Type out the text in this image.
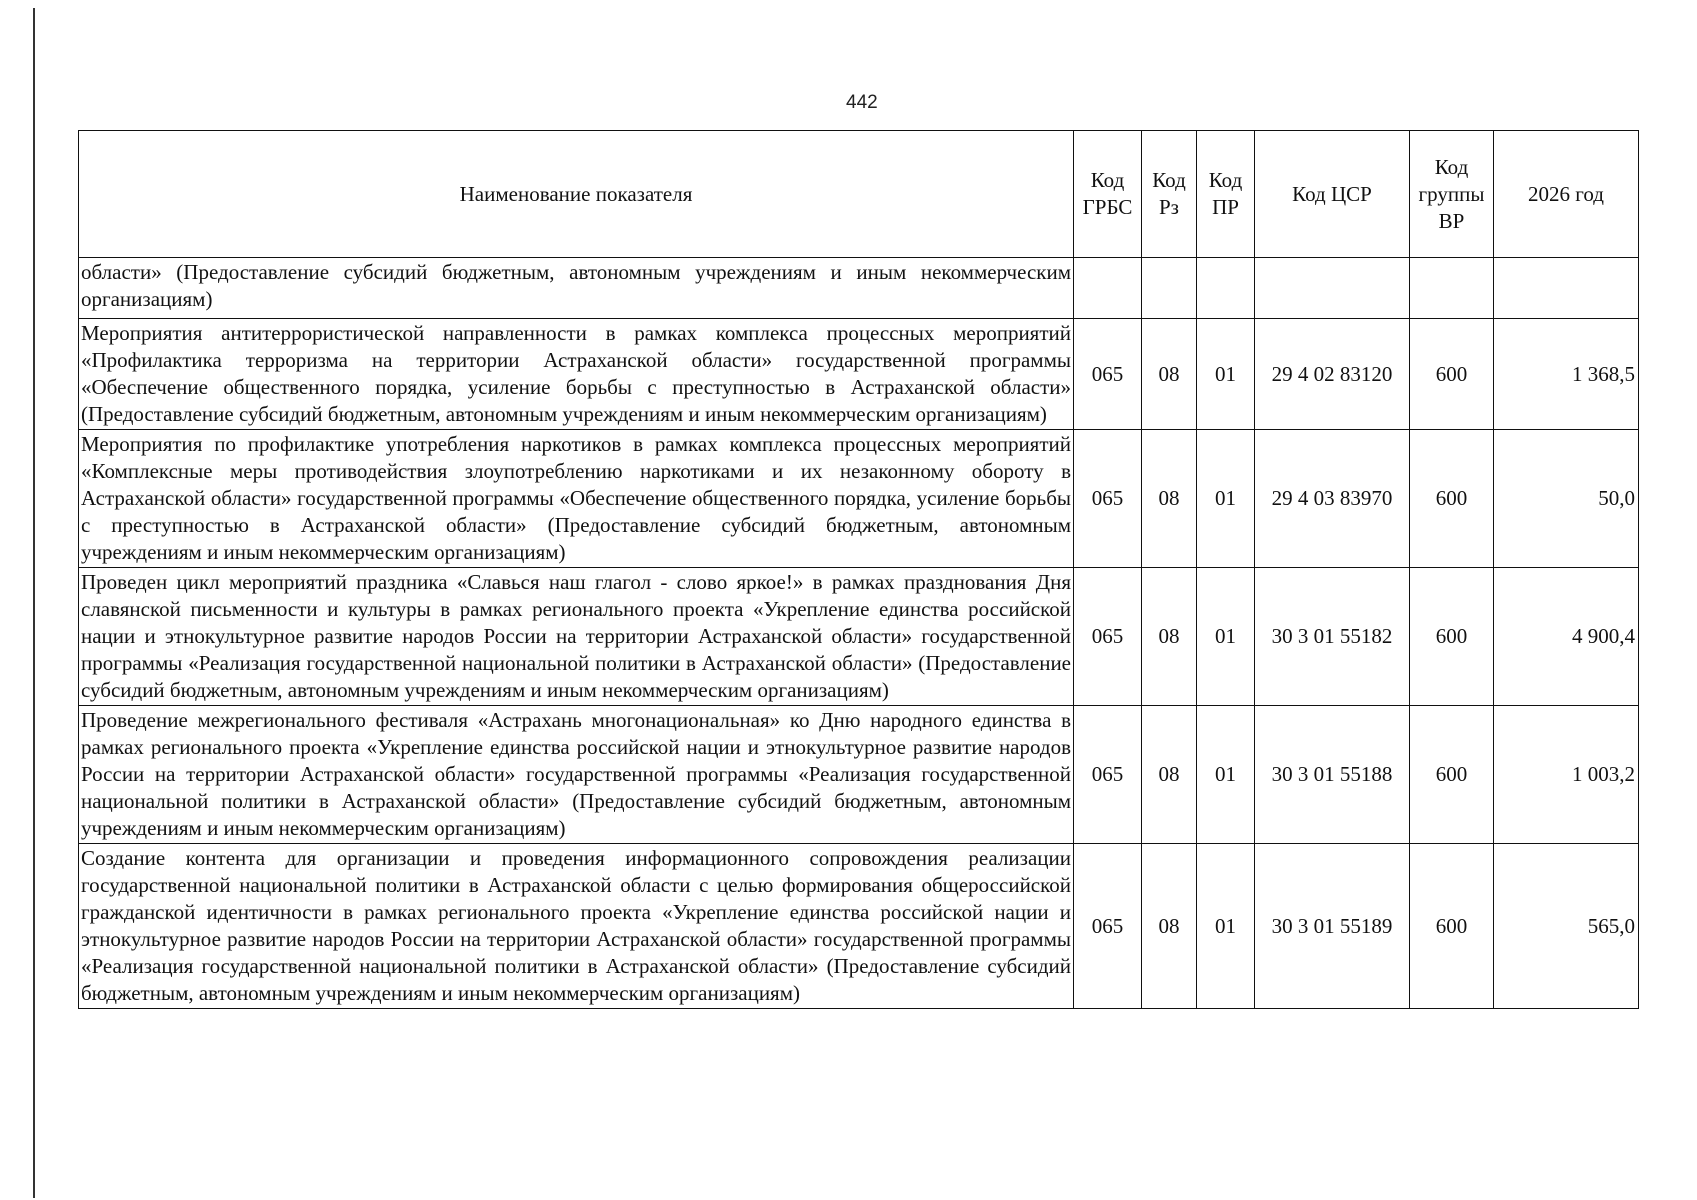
442
Наименование показателя	Код ГРБС	Код Рз	Код ПР	Код ЦСР	Код группы ВР	2026 год
области» (Предоставление субсидий бюджетным, автономным учреждениям и иным некоммерческим организациям)						
Мероприятия антитеррористической направленности в рамках комплекса процессных мероприятий «Профилактика терроризма на территории Астраханской области» государственной программы «Обеспечение общественного порядка, усиление борьбы с преступностью в Астраханской области» (Предоставление субсидий бюджетным, автономным учреждениям и иным некоммерческим организациям)	065	08	01	29 4 02 83120	600	1 368,5
Мероприятия по профилактике употребления наркотиков в рамках комплекса процессных мероприятий «Комплексные меры противодействия злоупотреблению наркотиками и их незаконному обороту в Астраханской области» государственной программы «Обеспечение общественного порядка, усиление борьбы с преступностью в Астраханской области» (Предоставление субсидий бюджетным, автономным учреждениям и иным некоммерческим организациям)	065	08	01	29 4 03 83970	600	50,0
Проведен цикл мероприятий праздника «Славься наш глагол - слово яркое!» в рамках празднования Дня славянской письменности и культуры в рамках регионального проекта «Укрепление единства российской нации и этнокультурное развитие народов России на территории Астраханской области» государственной программы «Реализация государственной национальной политики в Астраханской области» (Предоставление субсидий бюджетным, автономным учреждениям и иным некоммерческим организациям)	065	08	01	30 3 01 55182	600	4 900,4
Проведение межрегионального фестиваля «Астрахань многонациональная» ко Дню народного единства в рамках регионального проекта «Укрепление единства российской нации и этнокультурное развитие народов России на территории Астраханской области» государственной программы «Реализация государственной национальной политики в Астраханской области» (Предоставление субсидий бюджетным, автономным учреждениям и иным некоммерческим организациям)	065	08	01	30 3 01 55188	600	1 003,2
Создание контента для организации и проведения информационного сопровождения реализации государственной национальной политики в Астраханской области с целью формирования общероссийской гражданской идентичности в рамках регионального проекта «Укрепление единства российской нации и этнокультурное развитие народов России на территории Астраханской области» государственной программы «Реализация государственной национальной политики в Астраханской области» (Предоставление субсидий бюджетным, автономным учреждениям и иным некоммерческим организациям)	065	08	01	30 3 01 55189	600	565,0
